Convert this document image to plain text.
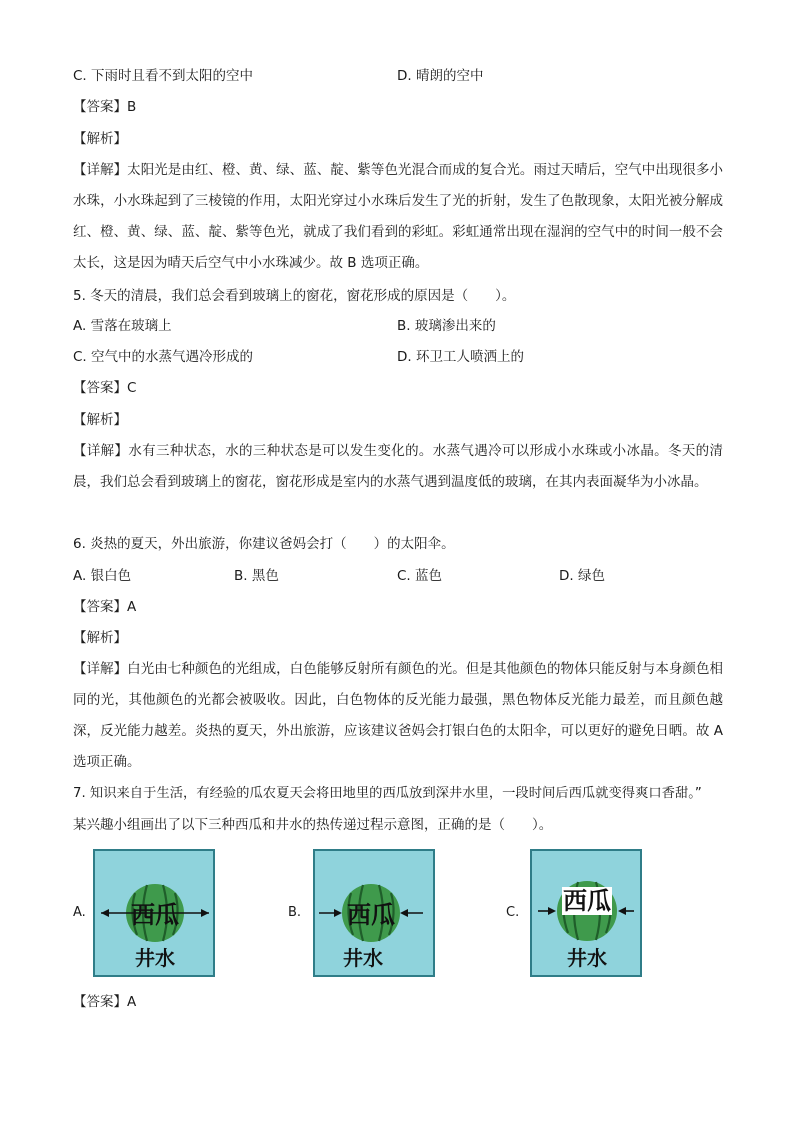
C. 下雨时且看不到太阳的空中	D. 晴朗的空中
【答案】B
【解析】

【详解】太阳光是由红、橙、黄、绿、蓝、靛、紫等色光混合而成的复合光。雨过天晴后，空气中出现很多小水珠，小水珠起到了三棱镜的作用，太阳光穿过小水珠后发生了光的折射，发生了色散现象，太阳光被分解成红、橙、黄、绿、蓝、靛、紫等色光，就成了我们看到的彩虹。彩虹通常出现在湿润的空气中的时间一般不会太长，这是因为晴天后空气中小水珠减少。故 B 选项正确。

5. 冬天的清晨，我们总会看到玻璃上的窗花，窗花形成的原因是（　　）。
A. 雪落在玻璃上	B. 玻璃渗出来的
C. 空气中的水蒸气遇冷形成的	D. 环卫工人喷洒上的
【答案】C
【解析】

【详解】水有三种状态，水的三种状态是可以发生变化的。水蒸气遇冷可以形成小水珠或小冰晶。冬天的清晨，我们总会看到玻璃上的窗花，窗花形成是室内的水蒸气遇到温度低的玻璃，在其内表面凝华为小冰晶。

6. 炎热的夏天，外出旅游，你建议爸妈会打（　　）的太阳伞。
A. 银白色	B. 黑色	C. 蓝色	D. 绿色
【答案】A
【解析】

【详解】白光由七种颜色的光组成，白色能够反射所有颜色的光。但是其他颜色的物体只能反射与本身颜色相同的光，其他颜色的光都会被吸收。因此，白色物体的反光能力最强，黑色物体反光能力最差，而且颜色越深，反光能力越差。炎热的夏天，外出旅游，应该建议爸妈会打银白色的太阳伞，可以更好的避免日晒。故 A 选项正确。

7. 知识来自于生活，有经验的瓜农夏天会将田地里的西瓜放到深井水里，一段时间后西瓜就变得爽口香甜。”
某兴趣小组画出了以下三种西瓜和井水的热传递过程示意图，正确的是（　　）。
A. 西瓜
井水
B. 西瓜
井水
C. 西瓜
井水
【答案】A
